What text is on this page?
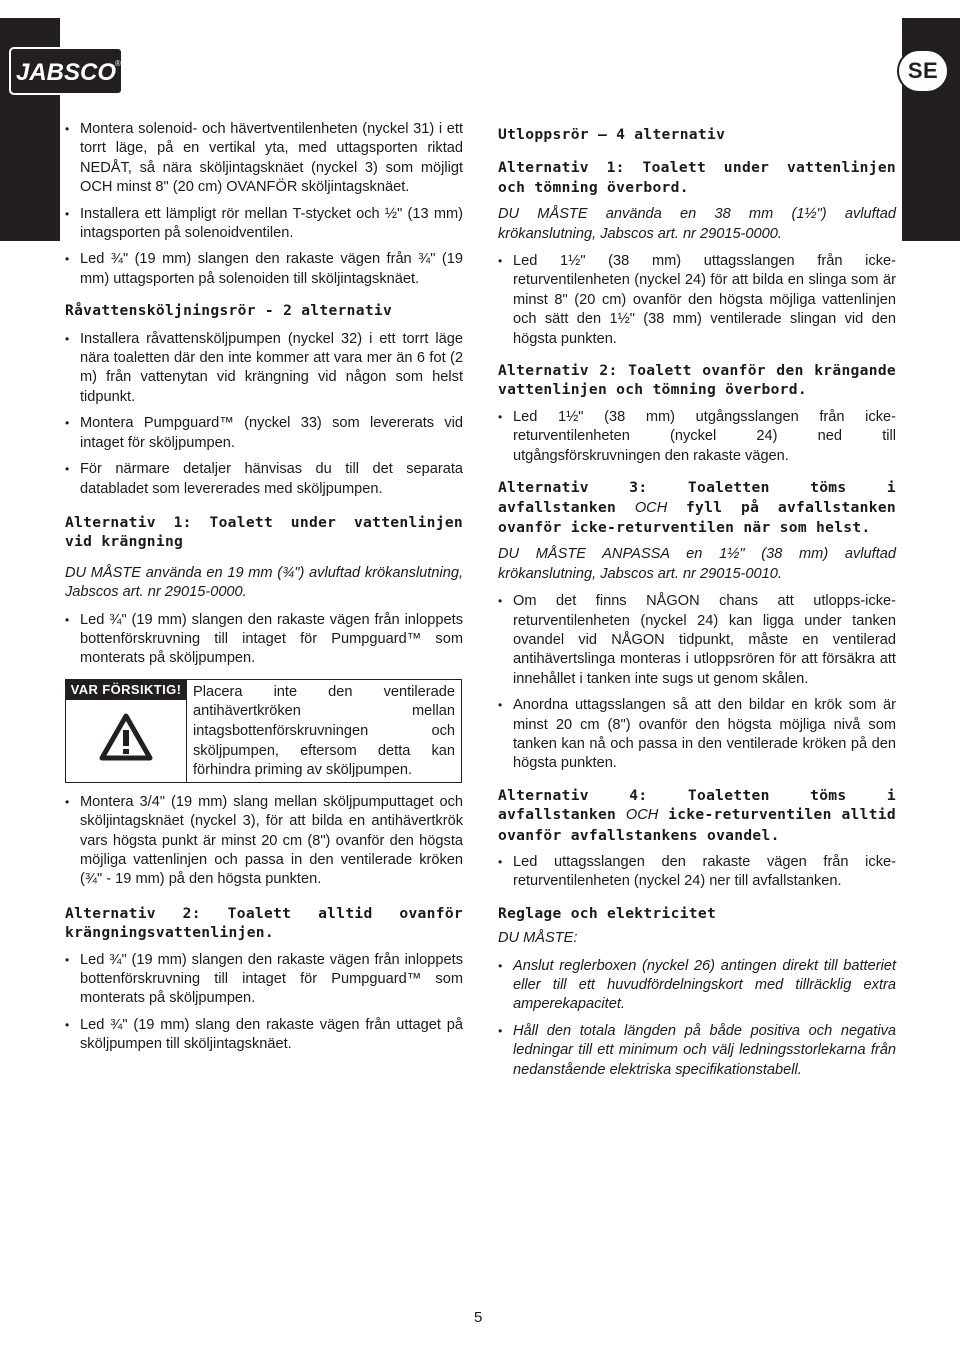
JABSCO ®	SE
• Montera solenoid- och hävertventilenheten (nyckel 31) i ett torrt läge, på en vertikal yta, med uttagsporten riktad NEDÅT, så nära sköljintagsknäet (nyckel 3) som möjligt OCH minst 8" (20 cm) OVANFÖR sköljintagsknäet.
• Installera ett lämpligt rör mellan T-stycket och ½" (13 mm) intagsporten på solenoidventilen.
• Led ¾" (19 mm) slangen den rakaste vägen från ¾" (19 mm) uttagsporten på solenoiden till sköljintagsknäet.
Råvattensköljningsrör - 2 alternativ
• Installera råvattensköljpumpen (nyckel 32) i ett torrt läge nära toaletten där den inte kommer att vara mer än 6 fot (2 m) från vattenytan vid krängning vid någon som helst tidpunkt.
• Montera Pumpguard™ (nyckel 33) som levererats vid intaget för sköljpumpen.
• För närmare detaljer hänvisas du till det separata databladet som levererades med sköljpumpen.
Alternativ 1: Toalett under vattenlinjen vid krängning
DU MÅSTE använda en 19 mm (¾") avluftad krökanslutning, Jabscos art. nr 29015-0000.
• Led ¾" (19 mm) slangen den rakaste vägen från inloppets bottenförskruvning till intaget för Pumpguard™ som monterats på sköljpumpen.
VAR FÖRSIKTIG! Placera inte den ventilerade antihävertkröken mellan intagsbottenförskruvningen och sköljpumpen, eftersom detta kan förhindra priming av sköljpumpen.
• Montera 3/4" (19 mm) slang mellan sköljpumputtaget och sköljintagsknäet (nyckel 3), för att bilda en antihävertkrök vars högsta punkt är minst 20 cm (8") ovanför den högsta möjliga vattenlinjen och passa in den ventilerade kröken (¾" - 19 mm) på den högsta punkten.
Alternativ 2: Toalett alltid ovanför krängningsvattenlinjen.
• Led ¾" (19 mm) slangen den rakaste vägen från inloppets bottenförskruvning till intaget för Pumpguard™ som monterats på sköljpumpen.
• Led ¾" (19 mm) slang den rakaste vägen från uttaget på sköljpumpen till sköljintagsknäet.
Utloppsrör – 4 alternativ
Alternativ 1: Toalett under vattenlinjen och tömning överbord.
DU MÅSTE använda en 38 mm (1½") avluftad krökanslutning, Jabscos art. nr 29015-0000.
• Led 1½" (38 mm) uttagsslangen från icke-returventilenheten (nyckel 24) för att bilda en slinga som är minst 8" (20 cm) ovanför den högsta möjliga vattenlinjen och sätt den 1½" (38 mm) ventilerade slingan vid den högsta punkten.
Alternativ 2: Toalett ovanför den krängande vattenlinjen och tömning överbord.
• Led 1½" (38 mm) utgångsslangen från icke-returventilenheten (nyckel 24) ned till utgångsförskruvningen den rakaste vägen.
Alternativ 3: Toaletten töms i avfallstanken OCH fyll på avfallstanken ovanför icke-returventilen när som helst.
DU MÅSTE ANPASSA en 1½" (38 mm) avluftad krökanslutning, Jabscos art. nr 29015-0010.
• Om det finns NÅGON chans att utlopps-icke-returventilenheten (nyckel 24) kan ligga under tanken ovandel vid NÅGON tidpunkt, måste en ventilerad antihävertslinga monteras i utloppsrören för att försäkra att innehållet i tanken inte sugs ut genom skålen.
• Anordna uttagsslangen så att den bildar en krök som är minst 20 cm (8") ovanför den högsta möjliga nivå som tanken kan nå och passa in den ventilerade kröken på den högsta punkten.
Alternativ 4: Toaletten töms i avfallstanken OCH icke-returventilen alltid ovanför avfallstankens ovandel.
• Led uttagsslangen den rakaste vägen från icke-returventilenheten (nyckel 24) ner till avfallstanken.
Reglage och elektricitet
DU MÅSTE:
• Anslut reglerboxen (nyckel 26) antingen direkt till batteriet eller till ett huvudfördelningskort med tillräcklig extra amperekapacitet.
• Håll den totala längden på både positiva och negativa ledningar till ett minimum och välj ledningsstorlekarna från nedanstående elektriska specifikationstabell.
5
